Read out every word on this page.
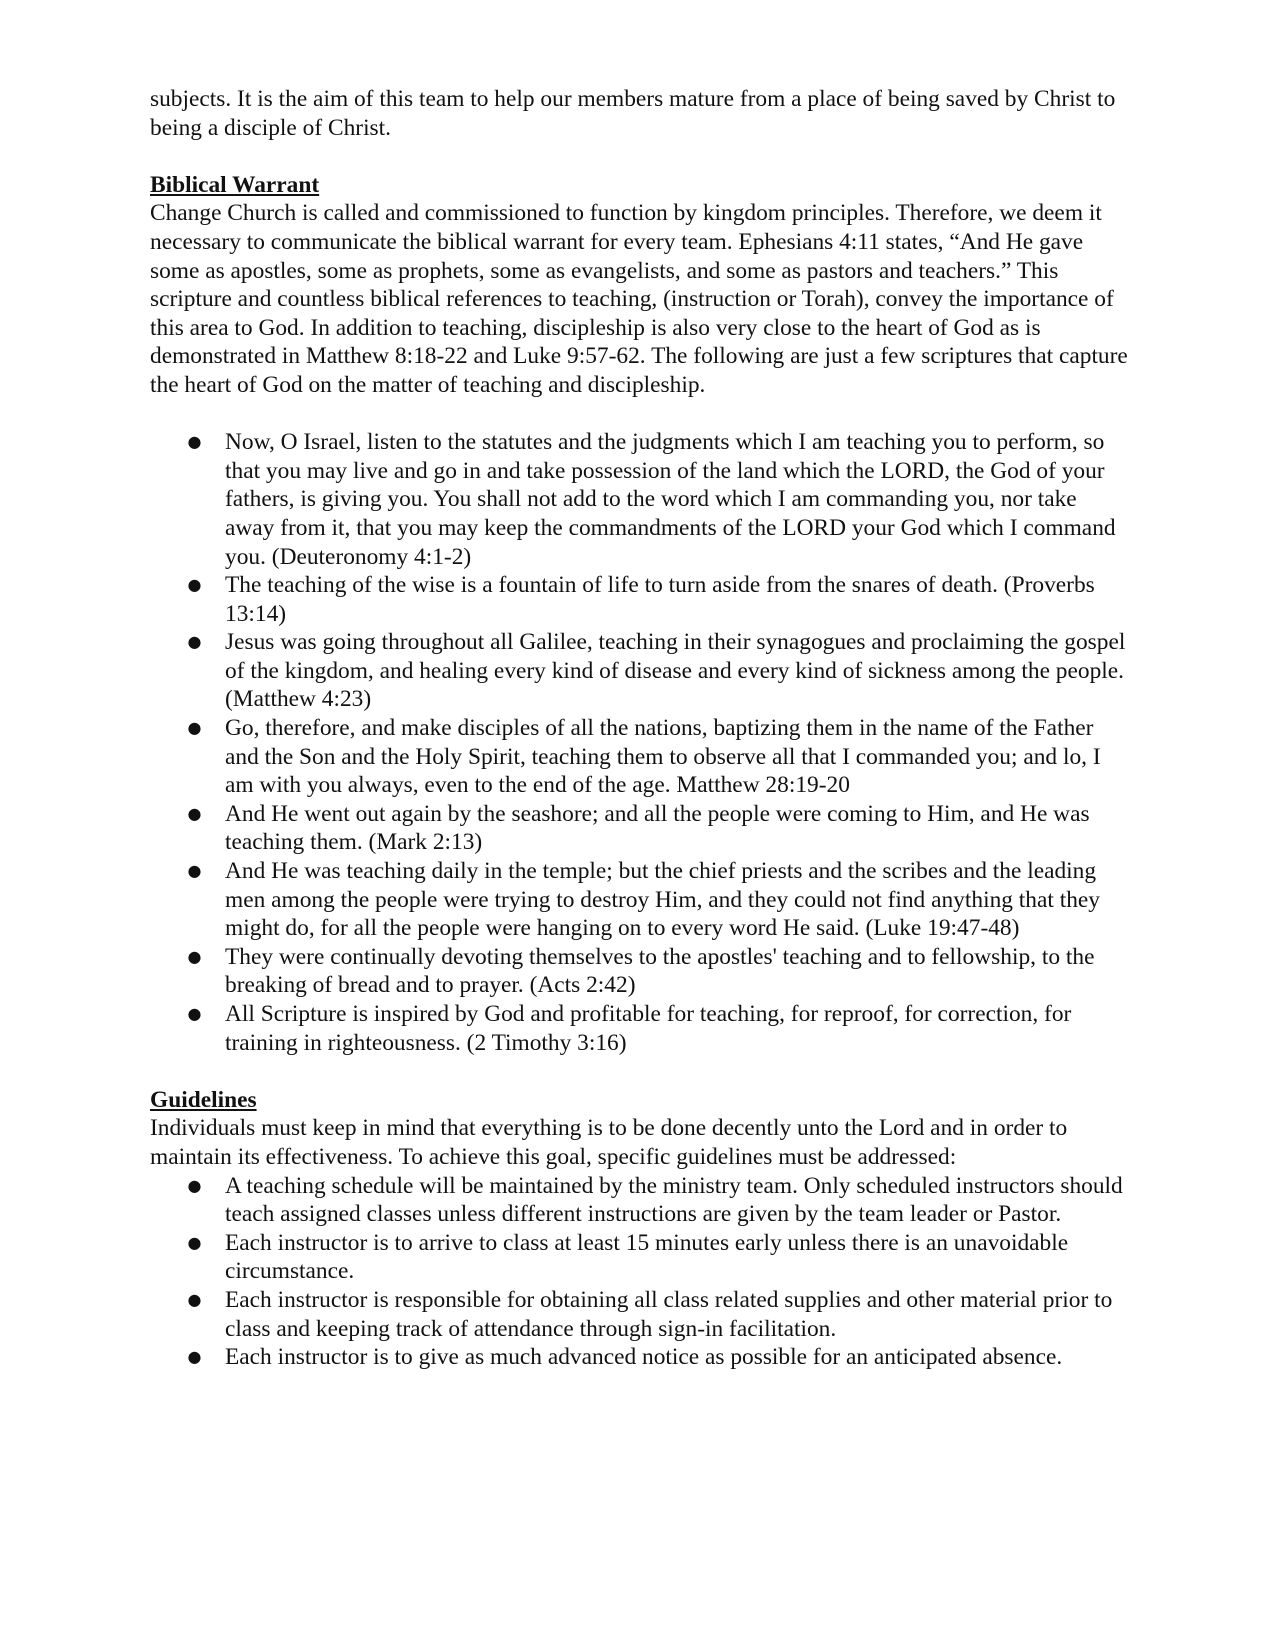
subjects. It is the aim of this team to help our members mature from a place of being saved by Christ to being a disciple of Christ.

Biblical Warrant

Change Church is called and commissioned to function by kingdom principles. Therefore, we deem it necessary to communicate the biblical warrant for every team. Ephesians 4:11 states, “And He gave some as apostles, some as prophets, some as evangelists, and some as pastors and teachers.” This scripture and countless biblical references to teaching, (instruction or Torah), convey the importance of this area to God. In addition to teaching, discipleship is also very close to the heart of God as is demonstrated in Matthew 8:18-22 and Luke 9:57-62. The following are just a few scriptures that capture the heart of God on the matter of teaching and discipleship.

● Now, O Israel, listen to the statutes and the judgments which I am teaching you to perform, so that you may live and go in and take possession of the land which the LORD, the God of your fathers, is giving you. You shall not add to the word which I am commanding you, nor take away from it, that you may keep the commandments of the LORD your God which I command you. (Deuteronomy 4:1-2)
● The teaching of the wise is a fountain of life to turn aside from the snares of death. (Proverbs 13:14)
● Jesus was going throughout all Galilee, teaching in their synagogues and proclaiming the gospel of the kingdom, and healing every kind of disease and every kind of sickness among the people. (Matthew 4:23)
● Go, therefore, and make disciples of all the nations, baptizing them in the name of the Father and the Son and the Holy Spirit, teaching them to observe all that I commanded you; and lo, I am with you always, even to the end of the age. Matthew 28:19-20
● And He went out again by the seashore; and all the people were coming to Him, and He was teaching them. (Mark 2:13)
● And He was teaching daily in the temple; but the chief priests and the scribes and the leading men among the people were trying to destroy Him, and they could not find anything that they might do, for all the people were hanging on to every word He said. (Luke 19:47-48)
● They were continually devoting themselves to the apostles' teaching and to fellowship, to the breaking of bread and to prayer. (Acts 2:42)
● All Scripture is inspired by God and profitable for teaching, for reproof, for correction, for training in righteousness. (2 Timothy 3:16)

Guidelines

Individuals must keep in mind that everything is to be done decently unto the Lord and in order to maintain its effectiveness. To achieve this goal, specific guidelines must be addressed:

● A teaching schedule will be maintained by the ministry team. Only scheduled instructors should teach assigned classes unless different instructions are given by the team leader or Pastor.
● Each instructor is to arrive to class at least 15 minutes early unless there is an unavoidable circumstance.
● Each instructor is responsible for obtaining all class related supplies and other material prior to class and keeping track of attendance through sign-in facilitation.
● Each instructor is to give as much advanced notice as possible for an anticipated absence.
